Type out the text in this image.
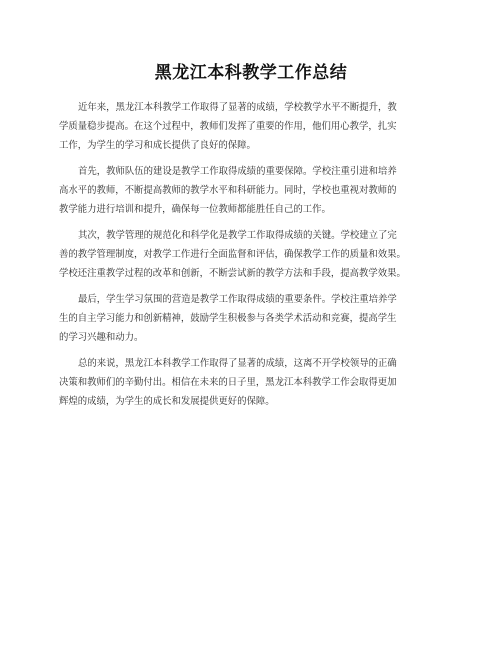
黑龙江本科教学工作总结
近年来，黑龙江本科教学工作取得了显著的成绩，学校教学水平不断提升，教
学质量稳步提高。在这个过程中，教师们发挥了重要的作用，他们用心教学，扎实
工作，为学生的学习和成长提供了良好的保障。
首先，教师队伍的建设是教学工作取得成绩的重要保障。学校注重引进和培养
高水平的教师，不断提高教师的教学水平和科研能力。同时，学校也重视对教师的
教学能力进行培训和提升，确保每一位教师都能胜任自己的工作。
其次，教学管理的规范化和科学化是教学工作取得成绩的关键。学校建立了完
善的教学管理制度，对教学工作进行全面监督和评估，确保教学工作的质量和效果。
学校还注重教学过程的改革和创新，不断尝试新的教学方法和手段，提高教学效果。
最后，学生学习氛围的营造是教学工作取得成绩的重要条件。学校注重培养学
生的自主学习能力和创新精神，鼓励学生积极参与各类学术活动和竞赛，提高学生
的学习兴趣和动力。
总的来说，黑龙江本科教学工作取得了显著的成绩，这离不开学校领导的正确
决策和教师们的辛勤付出。相信在未来的日子里，黑龙江本科教学工作会取得更加
辉煌的成绩，为学生的成长和发展提供更好的保障。
